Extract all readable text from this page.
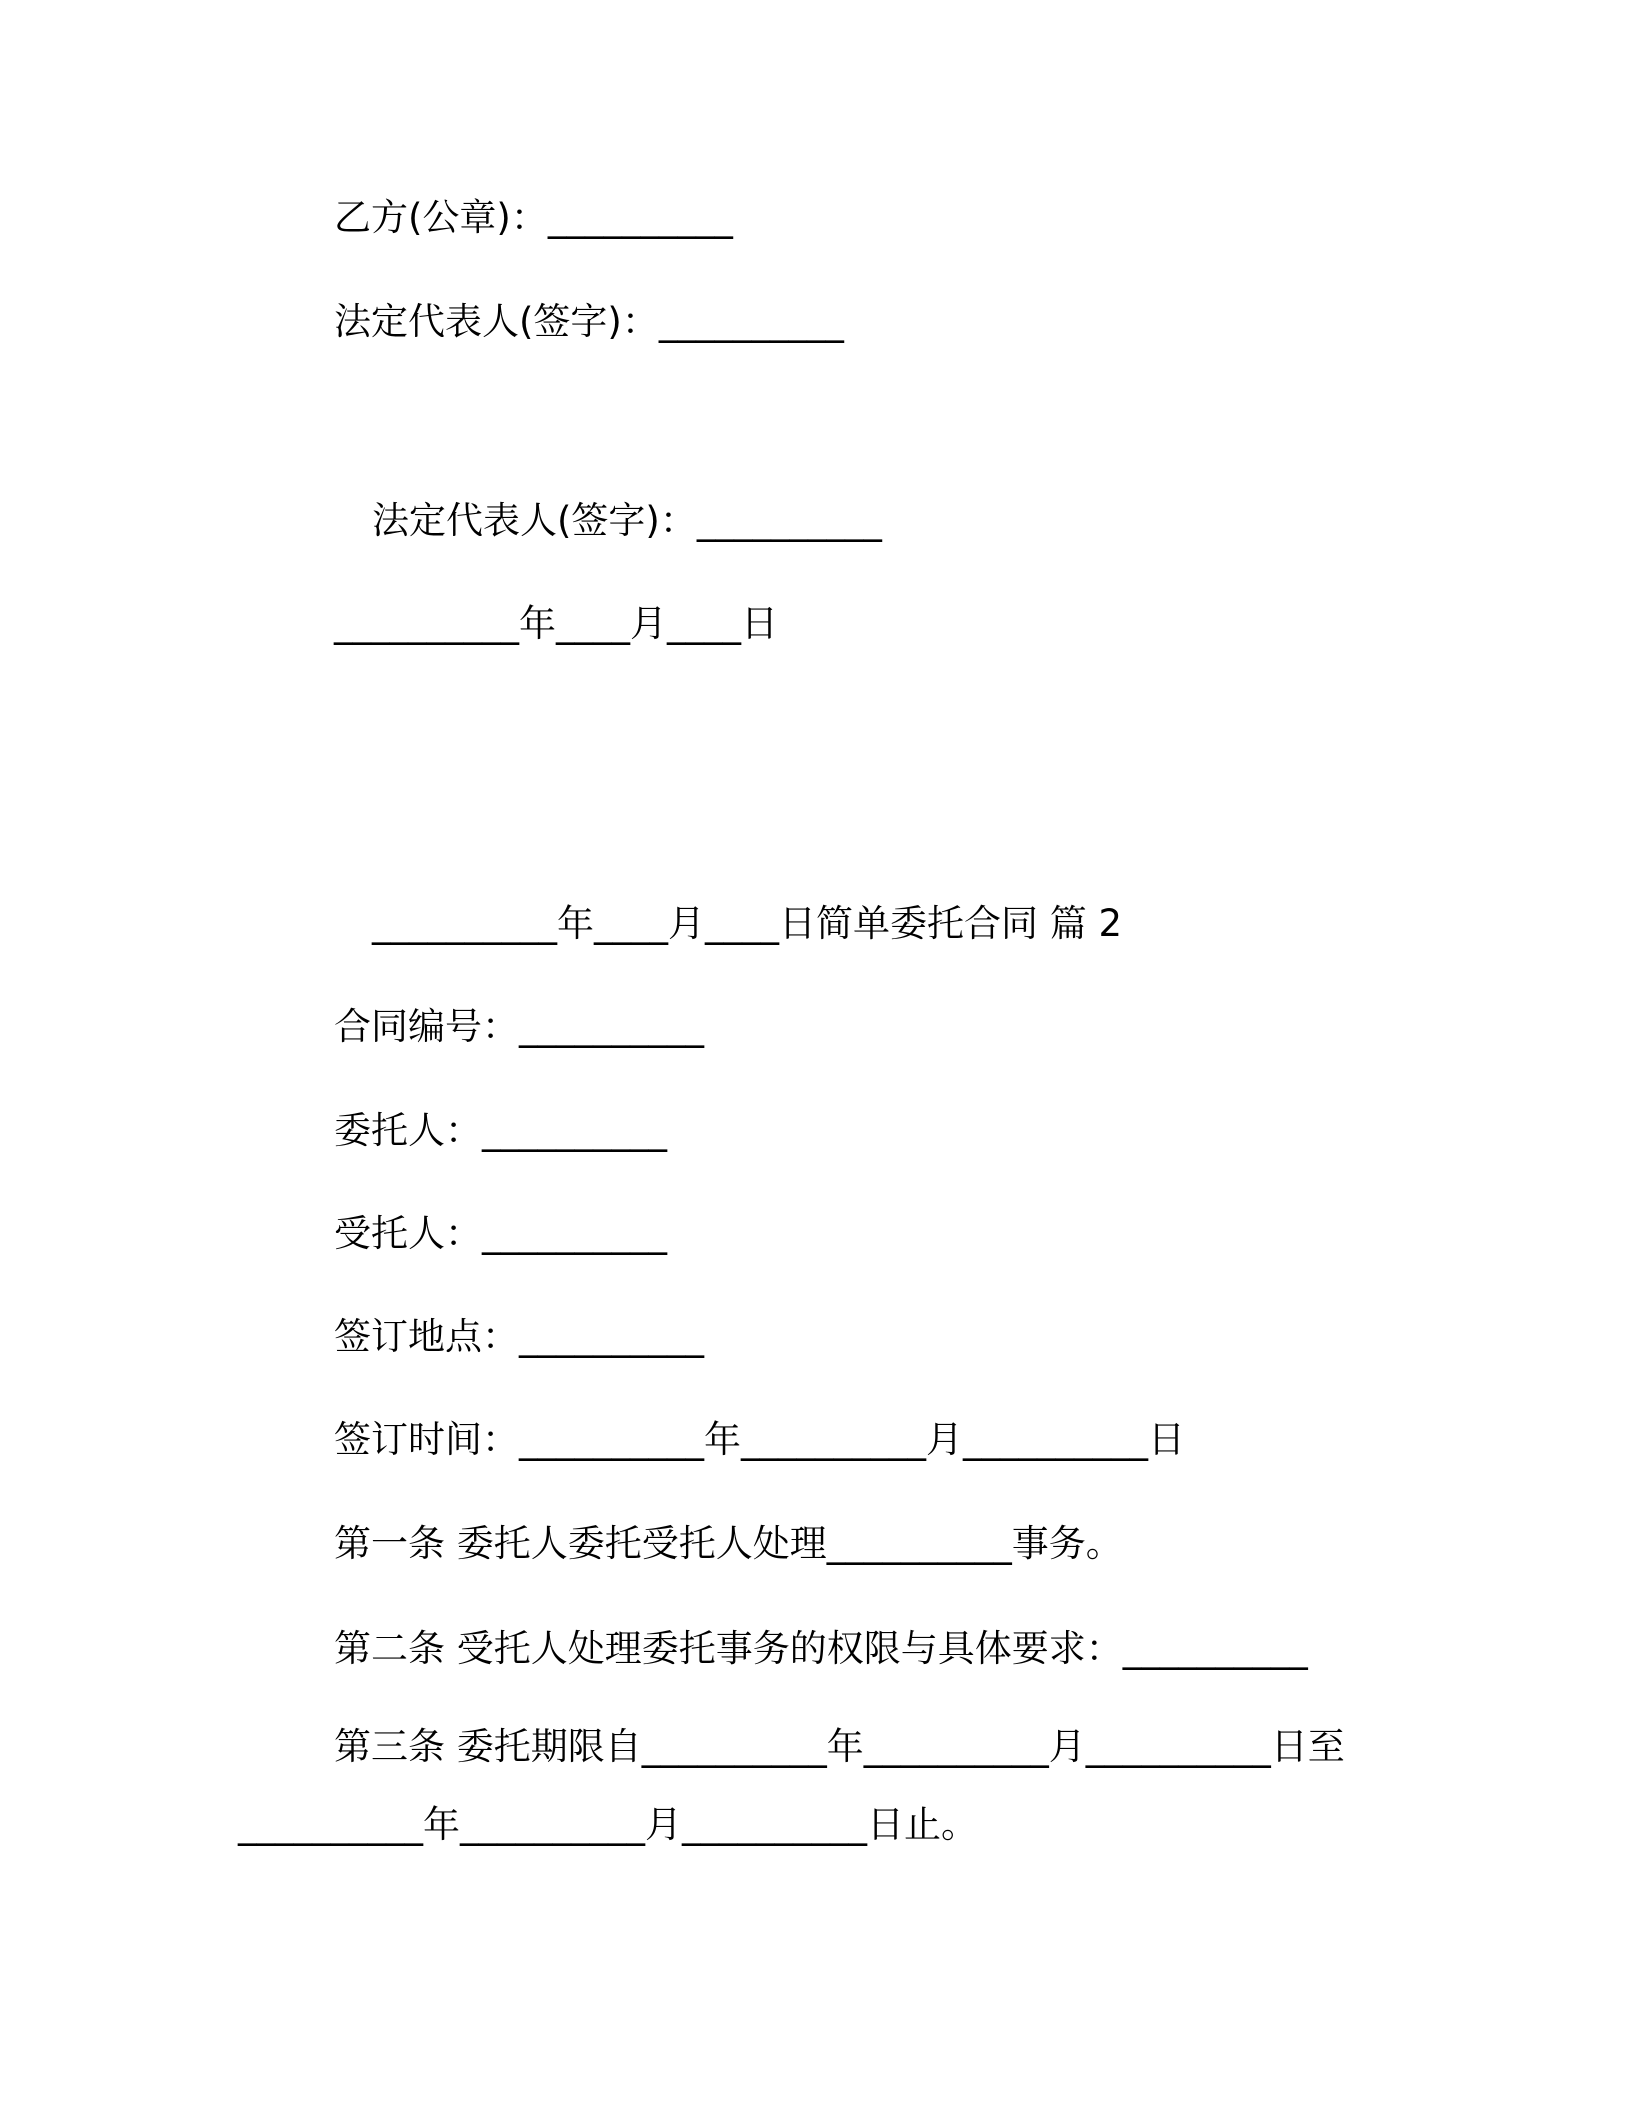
乙方(公章)：__________

法定代表人(签字)：__________

法定代表人(签字)：__________

__________年____月____日

__________年____月____日简单委托合同 篇 2

合同编号：__________

委托人：__________

受托人：__________

签订地点：__________

签订时间：__________年__________月__________日

第一条 委托人委托受托人处理__________事务。

第二条 受托人处理委托事务的权限与具体要求：__________

第三条 委托期限自__________年__________月__________日至

__________年__________月__________日止。
